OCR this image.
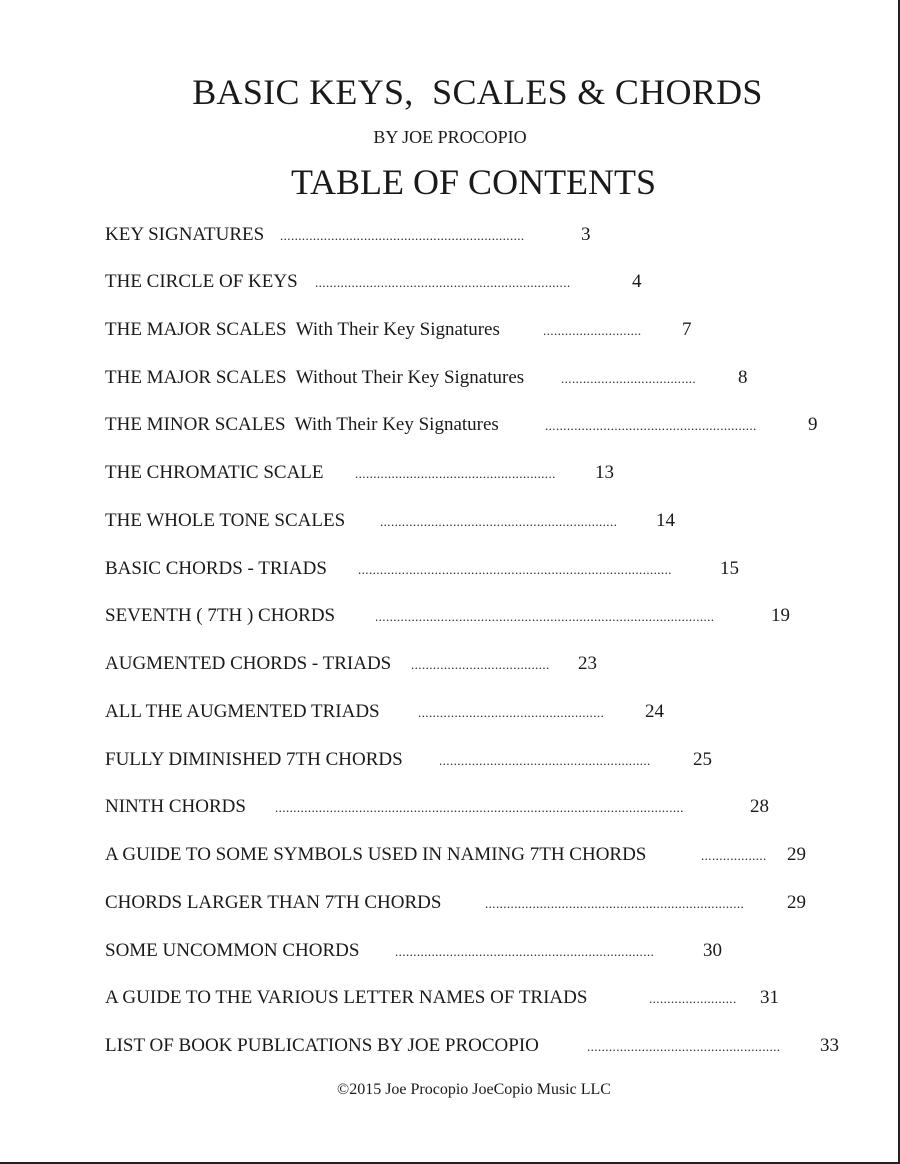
BASIC KEYS,  SCALES & CHORDS
BY JOE PROCOPIO
TABLE OF CONTENTS
KEY SIGNATURES ...................................................................	3
THE CIRCLE OF KEYS ......................................................................	4
THE MAJOR SCALES  With Their Key Signatures	...........................	7
THE MAJOR SCALES  Without Their Key Signatures	.....................................	8
THE MINOR SCALES  With Their Key Signatures	..........................................................	9
THE CHROMATIC SCALE .......................................................	13
THE WHOLE TONE SCALES	.................................................................	14
BASIC CHORDS - TRIADS ......................................................................................	15
SEVENTH ( 7TH ) CHORDS	.............................................................................................	19
AUGMENTED CHORDS - TRIADS ......................................	23
ALL THE AUGMENTED TRIADS	...................................................	24
FULLY DIMINISHED 7TH CHORDS	..........................................................	25
NINTH CHORDS ................................................................................................................	28
A GUIDE TO SOME SYMBOLS USED IN NAMING 7TH CHORDS	..................	29
CHORDS LARGER THAN 7TH CHORDS	.......................................................................	29
SOME UNCOMMON CHORDS	.......................................................................	30
A GUIDE TO THE VARIOUS LETTER NAMES OF TRIADS	........................	31
LIST OF BOOK PUBLICATIONS BY JOE PROCOPIO	.....................................................	33
©2015 Joe Procopio JoeCopio Music LLC
